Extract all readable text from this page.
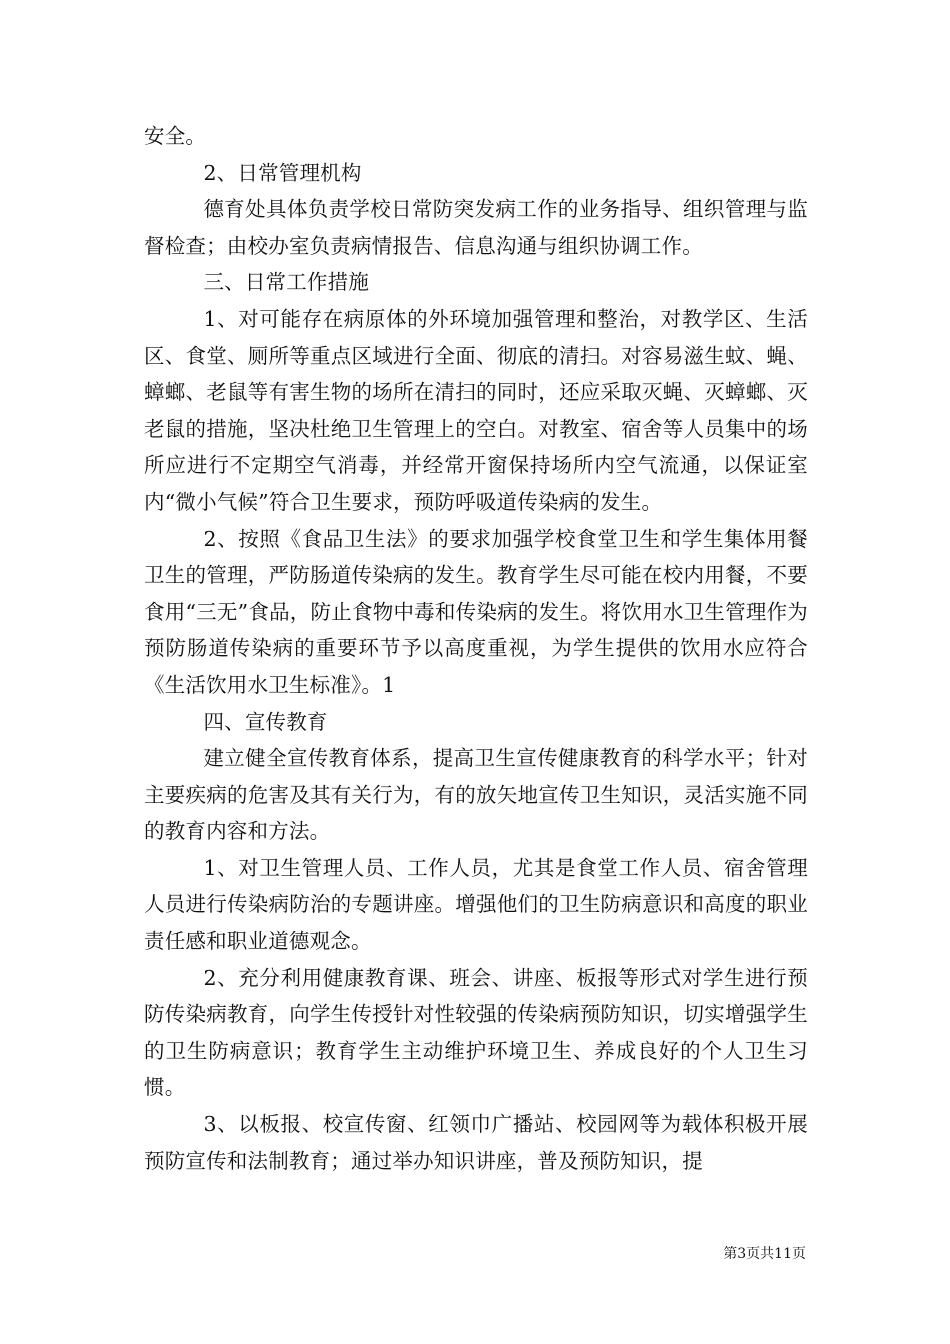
安全。

2、日常管理机构

德育处具体负责学校日常防突发病工作的业务指导、组织管理与监督检查；由校办室负责病情报告、信息沟通与组织协调工作。

三、日常工作措施

1、对可能存在病原体的外环境加强管理和整治，对教学区、生活区、食堂、厕所等重点区域进行全面、彻底的清扫。对容易滋生蚊、蝇、蟑螂、老鼠等有害生物的场所在清扫的同时，还应采取灭蝇、灭蟑螂、灭老鼠的措施，坚决杜绝卫生管理上的空白。对教室、宿舍等人员集中的场所应进行不定期空气消毒，并经常开窗保持场所内空气流通，以保证室内“微小气候”符合卫生要求，预防呼吸道传染病的发生。

2、按照《食品卫生法》的要求加强学校食堂卫生和学生集体用餐卫生的管理，严防肠道传染病的发生。教育学生尽可能在校内用餐，不要食用“三无”食品，防止食物中毒和传染病的发生。将饮用水卫生管理作为预防肠道传染病的重要环节予以高度重视，为学生提供的饮用水应符合《生活饮用水卫生标准》。1

四、宣传教育

建立健全宣传教育体系，提高卫生宣传健康教育的科学水平；针对主要疾病的危害及其有关行为，有的放矢地宣传卫生知识，灵活实施不同的教育内容和方法。

1、对卫生管理人员、工作人员，尤其是食堂工作人员、宿舍管理人员进行传染病防治的专题讲座。增强他们的卫生防病意识和高度的职业责任感和职业道德观念。

2、充分利用健康教育课、班会、讲座、板报等形式对学生进行预防传染病教育，向学生传授针对性较强的传染病预防知识，切实增强学生的卫生防病意识；教育学生主动维护环境卫生、养成良好的个人卫生习惯。

3、以板报、校宣传窗、红领巾广播站、校园网等为载体积极开展预防宣传和法制教育；通过举办知识讲座，普及预防知识，提

第3页共11页
